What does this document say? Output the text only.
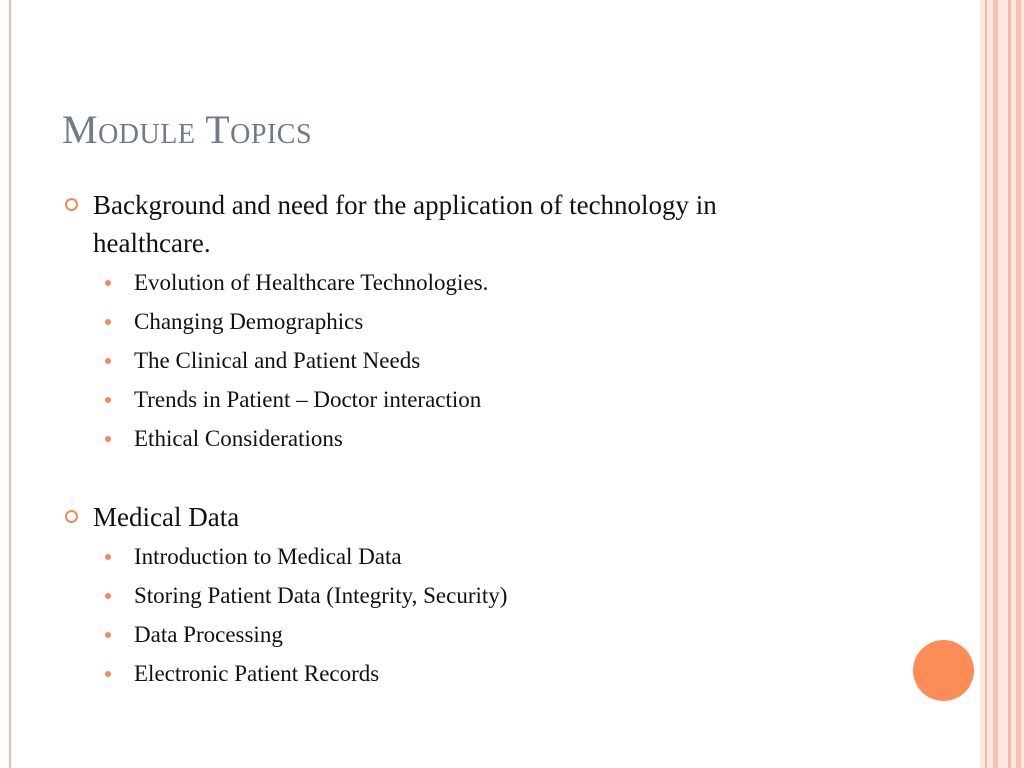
Module Topics
Background and need for the application of technology in healthcare.
Evolution of Healthcare Technologies.
Changing Demographics
The Clinical and Patient Needs
Trends in Patient – Doctor interaction
Ethical Considerations
Medical Data
Introduction to Medical Data
Storing Patient Data (Integrity, Security)
Data Processing
Electronic Patient Records
